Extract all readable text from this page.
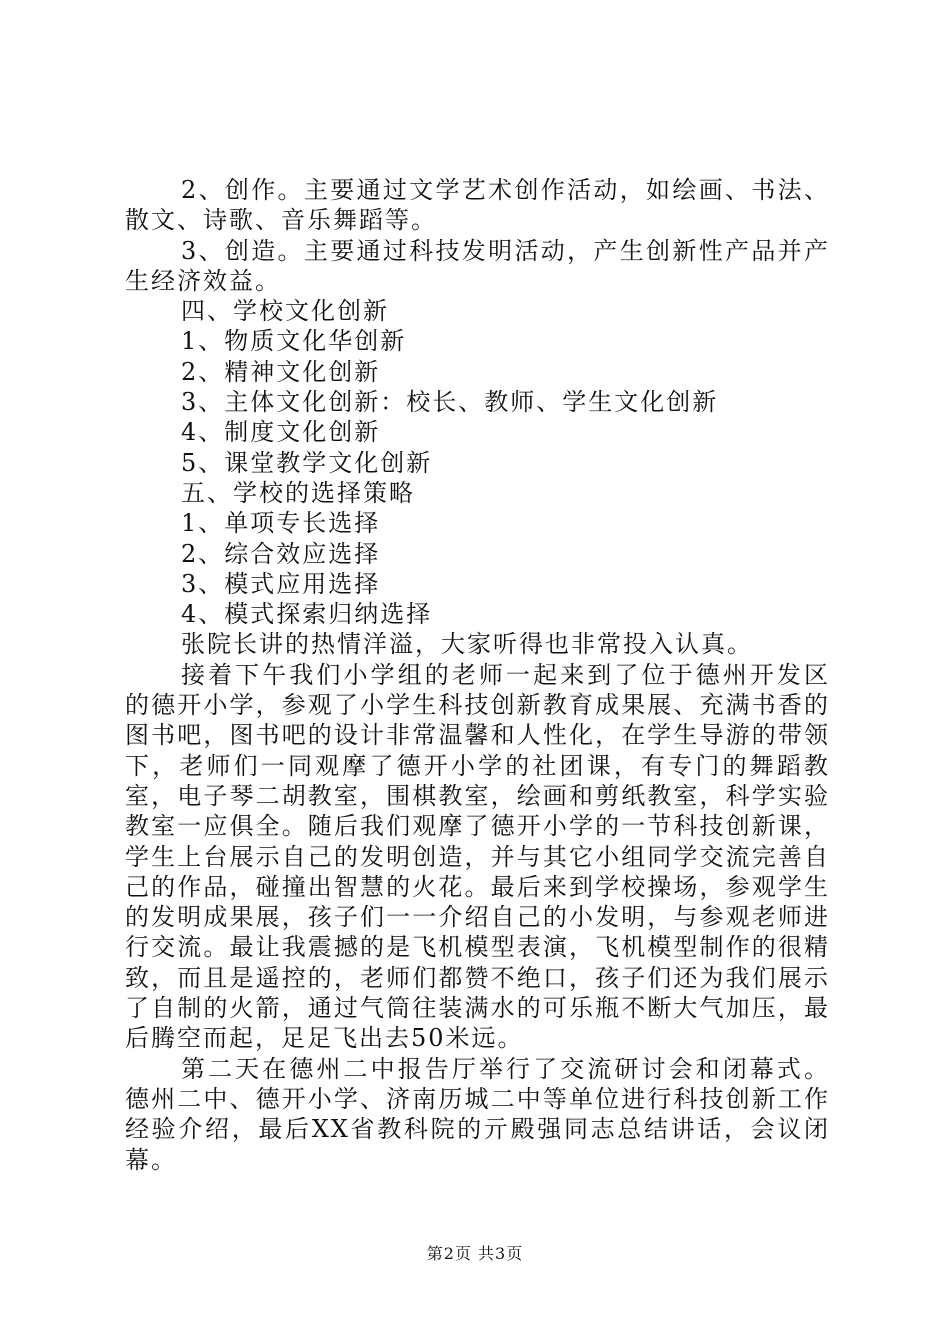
2、创作。主要通过文学艺术创作活动，如绘画、书法、散文、诗歌、音乐舞蹈等。

3、创造。主要通过科技发明活动，产生创新性产品并产生经济效益。

四、学校文化创新

1、物质文化华创新

2、精神文化创新

3、主体文化创新：校长、教师、学生文化创新

4、制度文化创新

5、课堂教学文化创新

五、学校的选择策略

1、单项专长选择

2、综合效应选择

3、模式应用选择

4、模式探索归纳选择

张院长讲的热情洋溢，大家听得也非常投入认真。

接着下午我们小学组的老师一起来到了位于德州开发区的德开小学，参观了小学生科技创新教育成果展、充满书香的图书吧，图书吧的设计非常温馨和人性化，在学生导游的带领下，老师们一同观摩了德开小学的社团课，有专门的舞蹈教室，电子琴二胡教室，围棋教室，绘画和剪纸教室，科学实验教室一应俱全。随后我们观摩了德开小学的一节科技创新课，学生上台展示自己的发明创造，并与其它小组同学交流完善自己的作品，碰撞出智慧的火花。最后来到学校操场，参观学生的发明成果展，孩子们一一介绍自己的小发明，与参观老师进行交流。最让我震撼的是飞机模型表演，飞机模型制作的很精致，而且是遥控的，老师们都赞不绝口，孩子们还为我们展示了自制的火箭，通过气筒往装满水的可乐瓶不断大气加压，最后腾空而起，足足飞出去50米远。

第二天在德州二中报告厅举行了交流研讨会和闭幕式。德州二中、德开小学、济南历城二中等单位进行科技创新工作经验介绍，最后XX省教科院的亓殿强同志总结讲话，会议闭幕。

第2页 共3页
